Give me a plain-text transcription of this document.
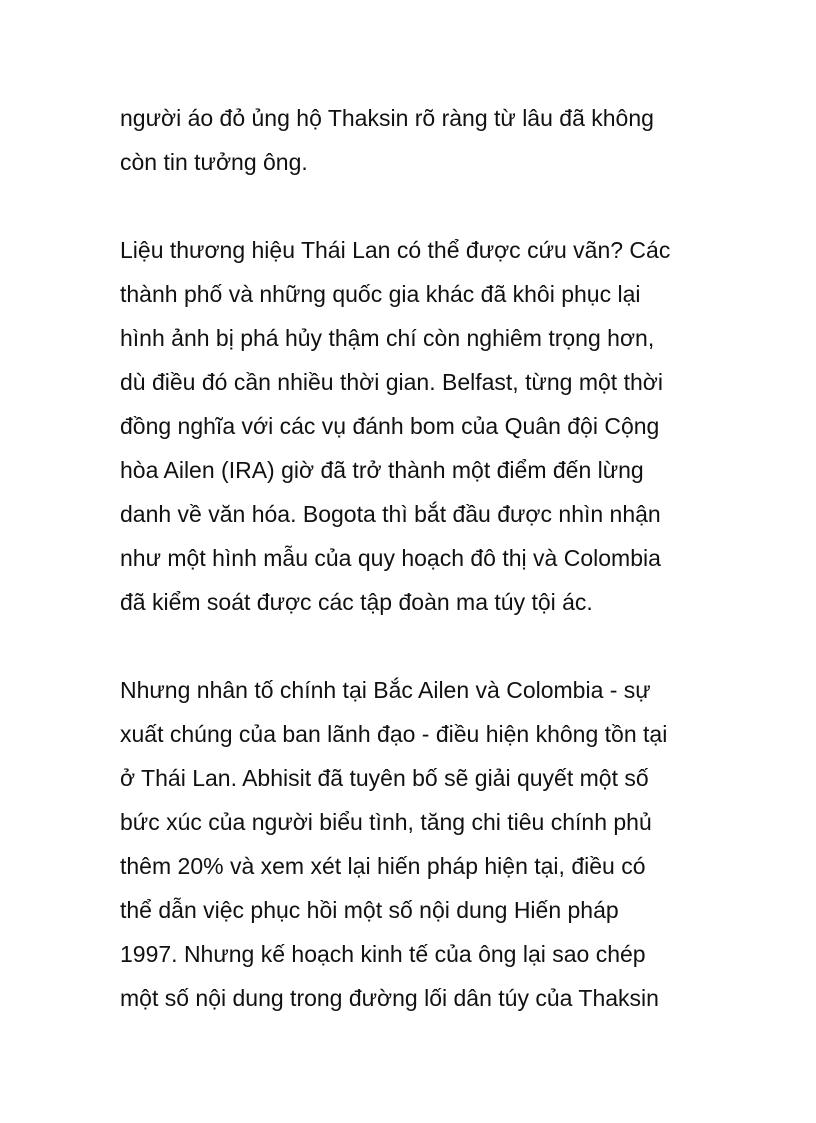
người áo đỏ ủng hộ Thaksin rõ ràng từ lâu đã không
còn tin tưởng ông.
Liệu thương hiệu Thái Lan có thể được cứu vãn? Các
thành phố và những quốc gia khác đã khôi phục lại
hình ảnh bị phá hủy thậm chí còn nghiêm trọng hơn,
dù điều đó cần nhiều thời gian. Belfast, từng một thời
đồng nghĩa với các vụ đánh bom của Quân đội Cộng
hòa Ailen (IRA) giờ đã trở thành một điểm đến lừng
danh về văn hóa. Bogota thì bắt đầu được nhìn nhận
như một hình mẫu của quy hoạch đô thị và Colombia
đã kiểm soát được các tập đoàn ma túy tội ác.
Nhưng nhân tố chính tại Bắc Ailen và Colombia - sự
xuất chúng của ban lãnh đạo - điều hiện không tồn tại
ở Thái Lan. Abhisit đã tuyên bố sẽ giải quyết một số
bức xúc của người biểu tình, tăng chi tiêu chính phủ
thêm 20% và xem xét lại hiến pháp hiện tại, điều có
thể dẫn việc phục hồi một số nội dung Hiến pháp
1997. Nhưng kế hoạch kinh tế của ông lại sao chép
một số nội dung trong đường lối dân túy của Thaksin
